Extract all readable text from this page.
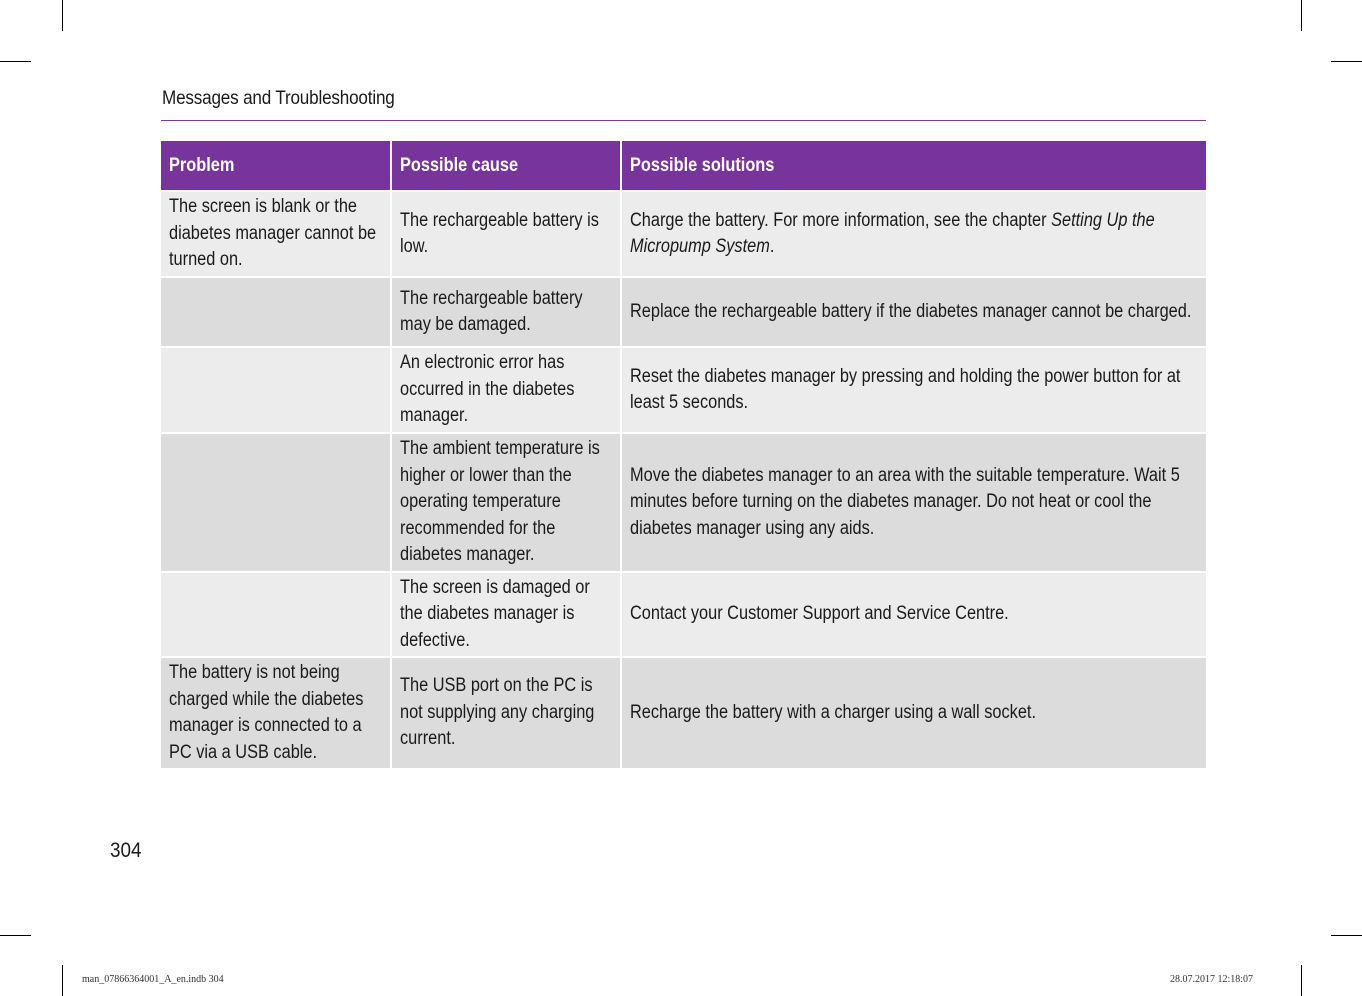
Messages and Troubleshooting
Problem	Possible cause	Possible solutions

The screen is blank or the diabetes manager cannot be turned on.	The rechargeable battery is low.	Charge the battery. For more information, see the chapter Setting Up the Micropump System.

	The rechargeable battery may be damaged.	Replace the rechargeable battery if the diabetes manager cannot be charged.

	An electronic error has occurred in the diabetes manager.	Reset the diabetes manager by pressing and holding the power button for at least 5 seconds.

	The ambient temperature is higher or lower than the operating temperature recommended for the diabetes manager.	Move the diabetes manager to an area with the suitable temperature. Wait 5 minutes before turning on the diabetes manager. Do not heat or cool the diabetes manager using any aids.

	The screen is damaged or the diabetes manager is defective.	Contact your Customer Support and Service Centre.

The battery is not being charged while the diabetes manager is connected to a PC via a USB cable.	The USB port on the PC is not supplying any charging current.	Recharge the battery with a charger using a wall socket.
304
man_07866364001_A_en.indb 304	28.07.2017 12:18:07
